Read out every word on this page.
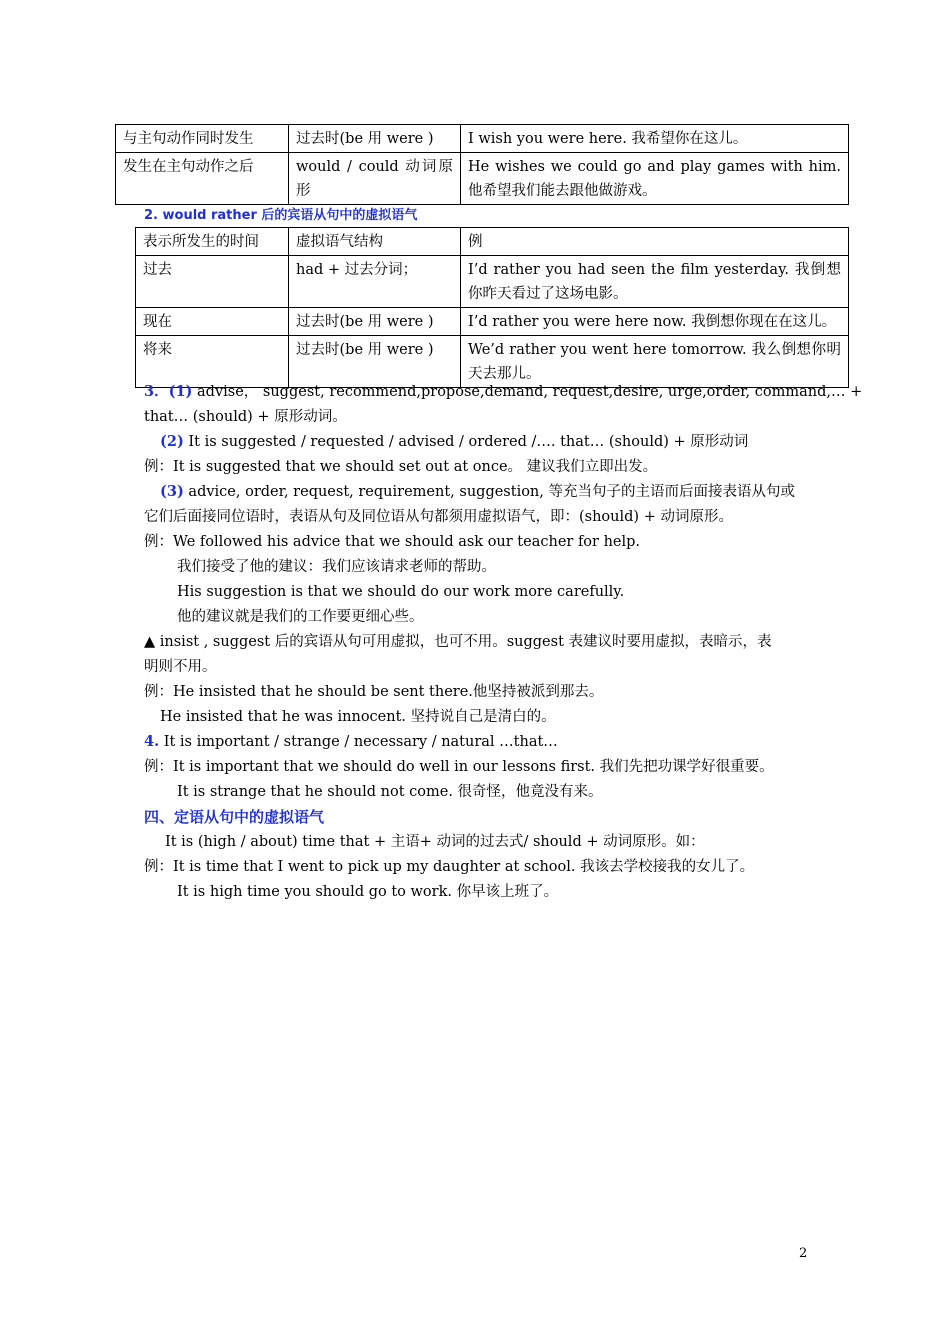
与主句动作同时发生	过去时(be 用 were )	I wish you were here. 我希望你在这儿。
发生在主句动作之后	would / could 动词原形	He wishes we could go and play games with him. 他希望我们能去跟他做游戏。
2. would rather 后的宾语从句中的虚拟语气
表示所发生的时间	虚拟语气结构	例
过去	had + 过去分词；	I’d rather you had seen the film yesterday. 我倒想你昨天看过了这场电影。
现在	过去时(be 用 were )	I’d rather you were here now. 我倒想你现在在这儿。
将来	过去时(be 用 were )	We’d rather you went here tomorrow. 我么倒想你明天去那儿。
3．(1) advise， suggest, recommend,propose,demand, request,desire, urge,order, command,… +
that… (should) + 原形动词。
(2) It is suggested / requested / advised / ordered /…. that… (should) + 原形动词
例：It is suggested that we should set out at once。 建议我们立即出发。
(3) advice, order, request, requirement, suggestion, 等充当句子的主语而后面接表语从句或
它们后面接同位语时，表语从句及同位语从句都须用虚拟语气，即：(should) + 动词原形。
例：We followed his advice that we should ask our teacher for help.
我们接受了他的建议：我们应该请求老师的帮助。
His suggestion is that we should do our work more carefully.
他的建议就是我们的工作要更细心些。
▲ insist , suggest 后的宾语从句可用虚拟，也可不用。suggest 表建议时要用虚拟，表暗示，表
明则不用。
例：He insisted that he should be sent there.他坚持被派到那去。
He insisted that he was innocent. 坚持说自己是清白的。
4. It is important / strange / necessary / natural …that…
例：It is important that we should do well in our lessons first. 我们先把功课学好很重要。
It is strange that he should not come. 很奇怪，他竟没有来。
四、定语从句中的虚拟语气
It is (high / about) time that + 主语+ 动词的过去式/ should + 动词原形。如：
例：It is time that I went to pick up my daughter at school. 我该去学校接我的女儿了。
It is high time you should go to work. 你早该上班了。
2
